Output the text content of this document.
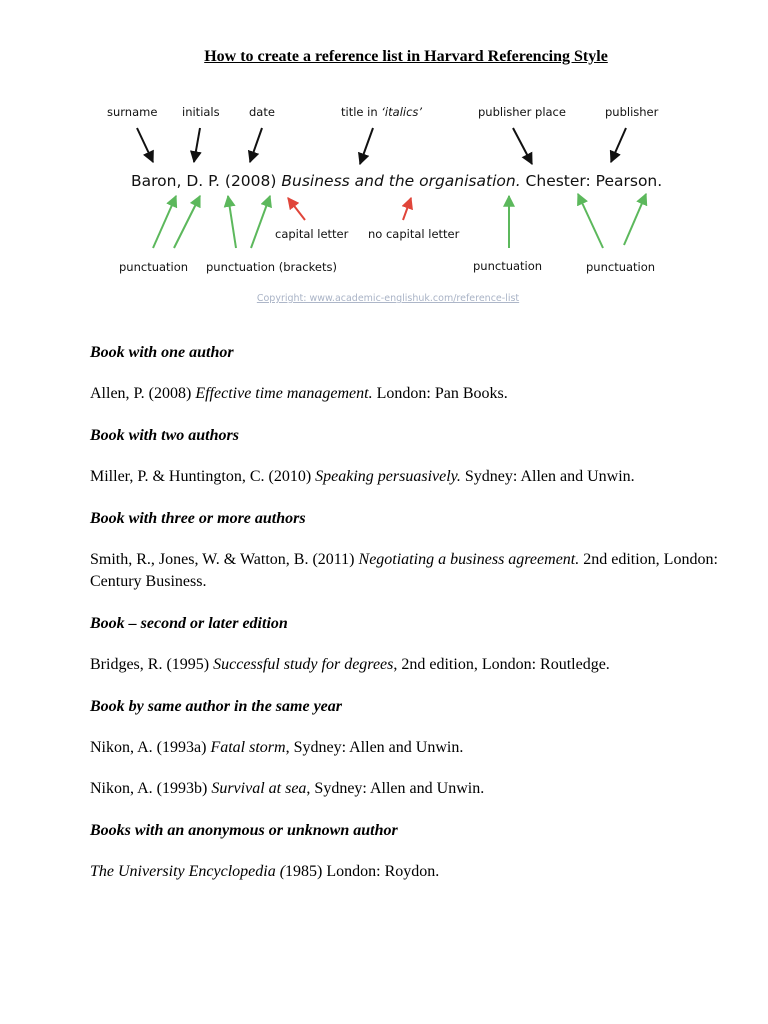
How to create a reference list in Harvard Referencing Style
surname initials	date	title in ‘italics’	publisher place	publisher
Baron, D. P. (2008) Business and the organisation. Chester: Pearson.
capital letter no capital letter
punctuation punctuation (brackets)	punctuation	punctuation
Copyright: www.academic-englishuk.com/reference-list

Book with one author

Allen, P. (2008) Effective time management. London: Pan Books.

Book with two authors

Miller, P. & Huntington, C. (2010) Speaking persuasively. Sydney: Allen and Unwin.

Book with three or more authors

Smith, R., Jones, W. & Watton, B. (2011) Negotiating a business agreement. 2nd edition, London: Century Business.

Book – second or later edition

Bridges, R. (1995) Successful study for degrees, 2nd edition, London: Routledge.

Book by same author in the same year

Nikon, A. (1993a) Fatal storm, Sydney: Allen and Unwin.

Nikon, A. (1993b) Survival at sea, Sydney: Allen and Unwin.

Books with an anonymous or unknown author

The University Encyclopedia (1985) London: Roydon.
